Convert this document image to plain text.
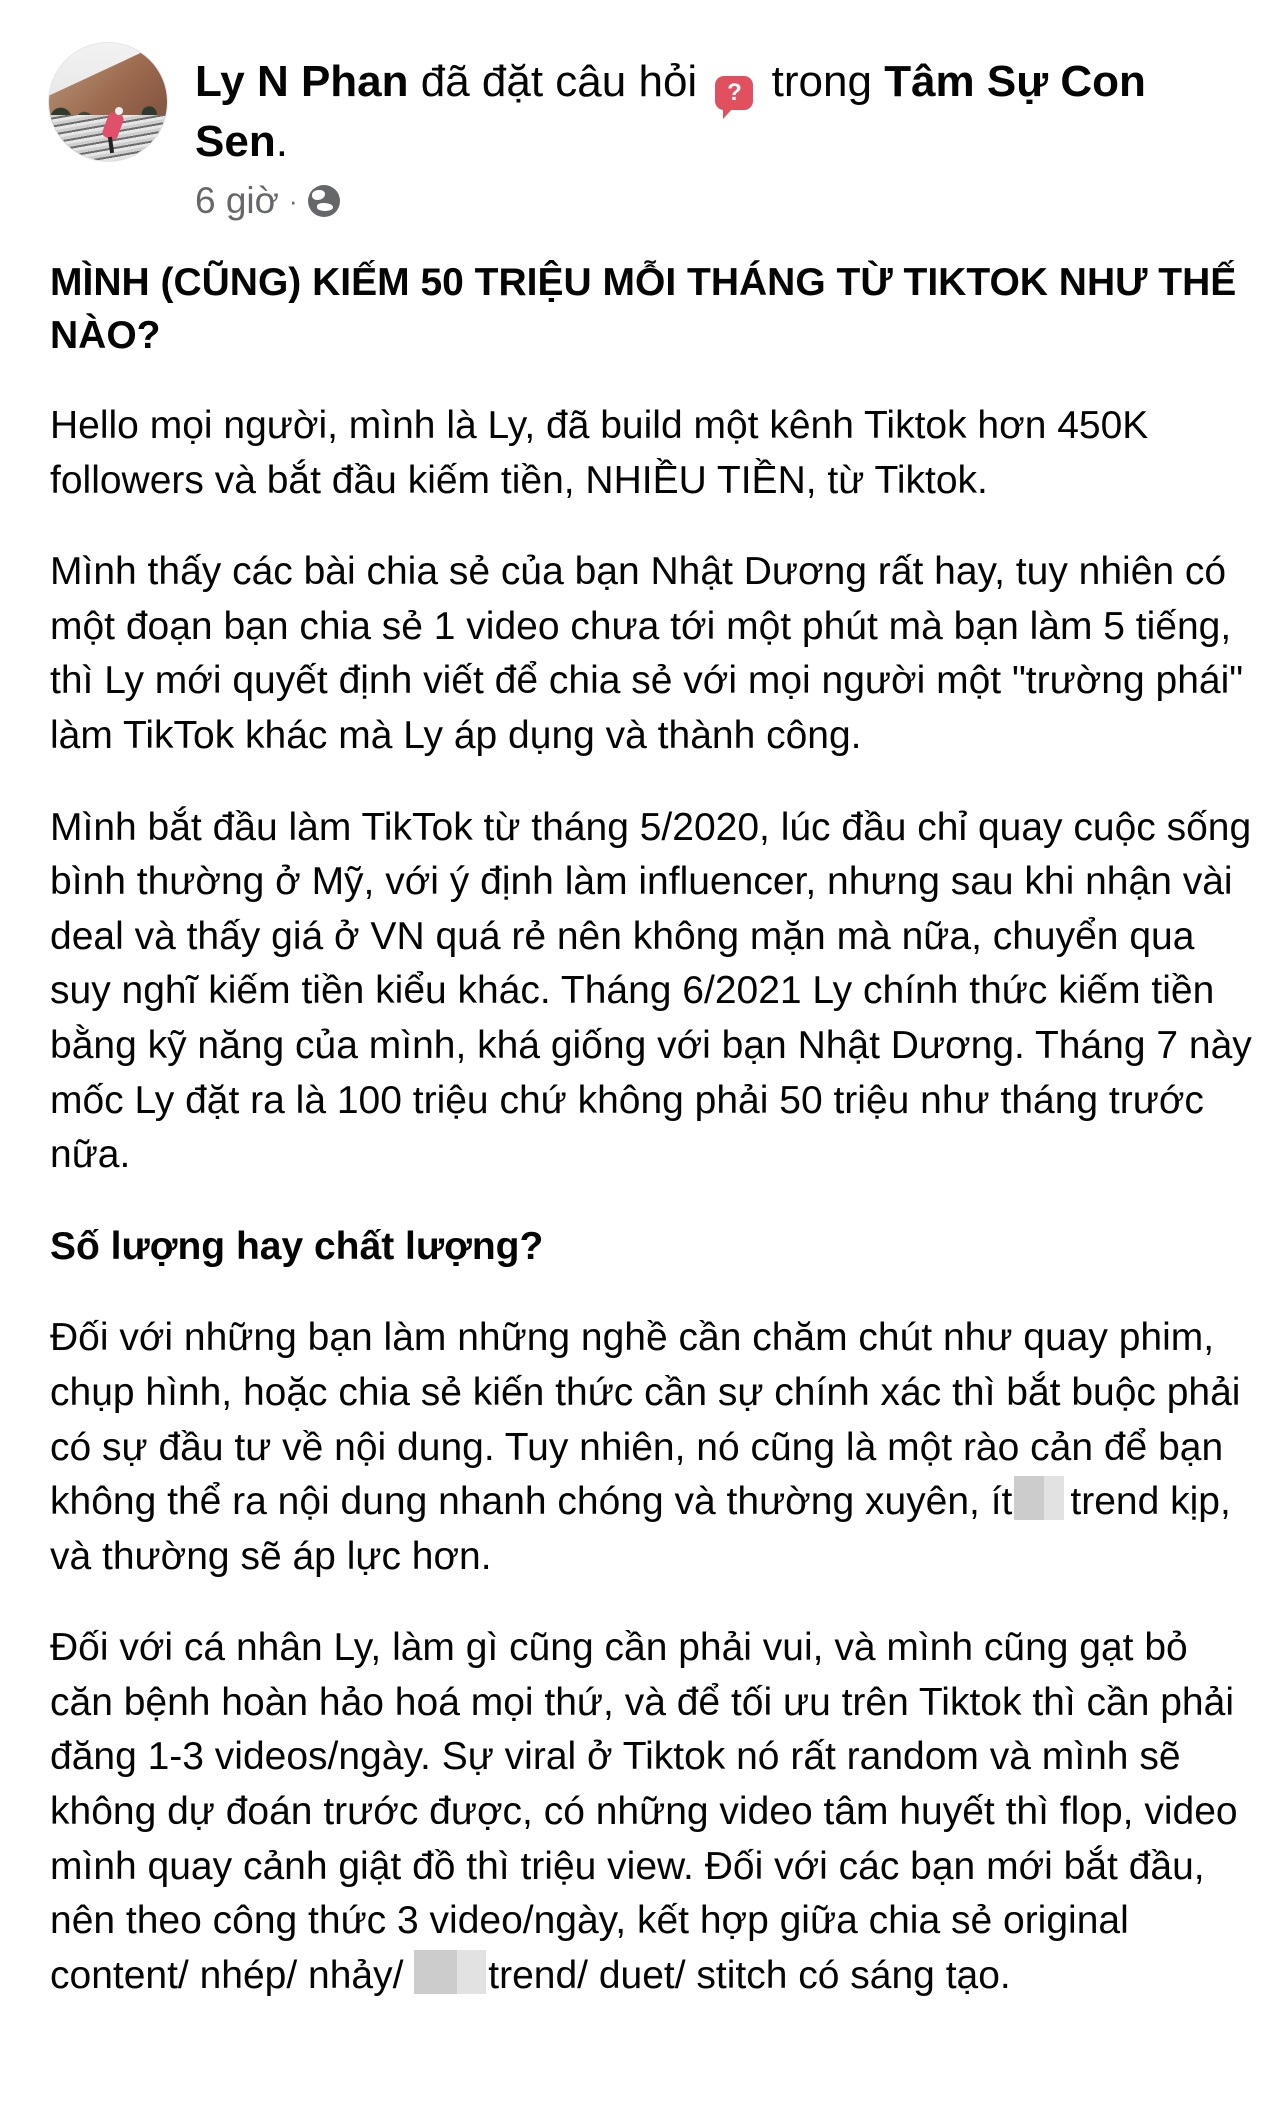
Ly N Phan đã đặt câu hỏi ? trong Tâm Sự Con Sen.
6 giờ ·
MÌNH (CŨNG) KIẾM 50 TRIỆU MỖI THÁNG TỪ TIKTOK NHƯ THẾ NÀO?

Hello mọi người, mình là Ly, đã build một kênh Tiktok hơn 450K followers và bắt đầu kiếm tiền, NHIỀU TIỀN, từ Tiktok.

Mình thấy các bài chia sẻ của bạn Nhật Dương rất hay, tuy nhiên có một đoạn bạn chia sẻ 1 video chưa tới một phút mà bạn làm 5 tiếng, thì Ly mới quyết định viết để chia sẻ với mọi người một "trường phái" làm TikTok khác mà Ly áp dụng và thành công.

Mình bắt đầu làm TikTok từ tháng 5/2020, lúc đầu chỉ quay cuộc sống bình thường ở Mỹ, với ý định làm influencer, nhưng sau khi nhận vài deal và thấy giá ở VN quá rẻ nên không mặn mà nữa, chuyển qua suy nghĩ kiếm tiền kiểu khác. Tháng 6/2021 Ly chính thức kiếm tiền bằng kỹ năng của mình, khá giống với bạn Nhật Dương. Tháng 7 này mốc Ly đặt ra là 100 triệu chứ không phải 50 triệu như tháng trước nữa.

Số lượng hay chất lượng?

Đối với những bạn làm những nghề cần chăm chút như quay phim, chụp hình, hoặc chia sẻ kiến thức cần sự chính xác thì bắt buộc phải có sự đầu tư về nội dung. Tuy nhiên, nó cũng là một rào cản để bạn không thể ra nội dung nhanh chóng và thường xuyên, ít trend kịp, và thường sẽ áp lực hơn.

Đối với cá nhân Ly, làm gì cũng cần phải vui, và mình cũng gạt bỏ căn bệnh hoàn hảo hoá mọi thứ, và để tối ưu trên Tiktok thì cần phải đăng 1-3 videos/ngày. Sự viral ở Tiktok nó rất random và mình sẽ không dự đoán trước được, có những video tâm huyết thì flop, video mình quay cảnh giật đồ thì triệu view. Đối với các bạn mới bắt đầu, nên theo công thức 3 video/ngày, kết hợp giữa chia sẻ original content/ nhép/ nhảy/ trend/ duet/ stitch có sáng tạo.
